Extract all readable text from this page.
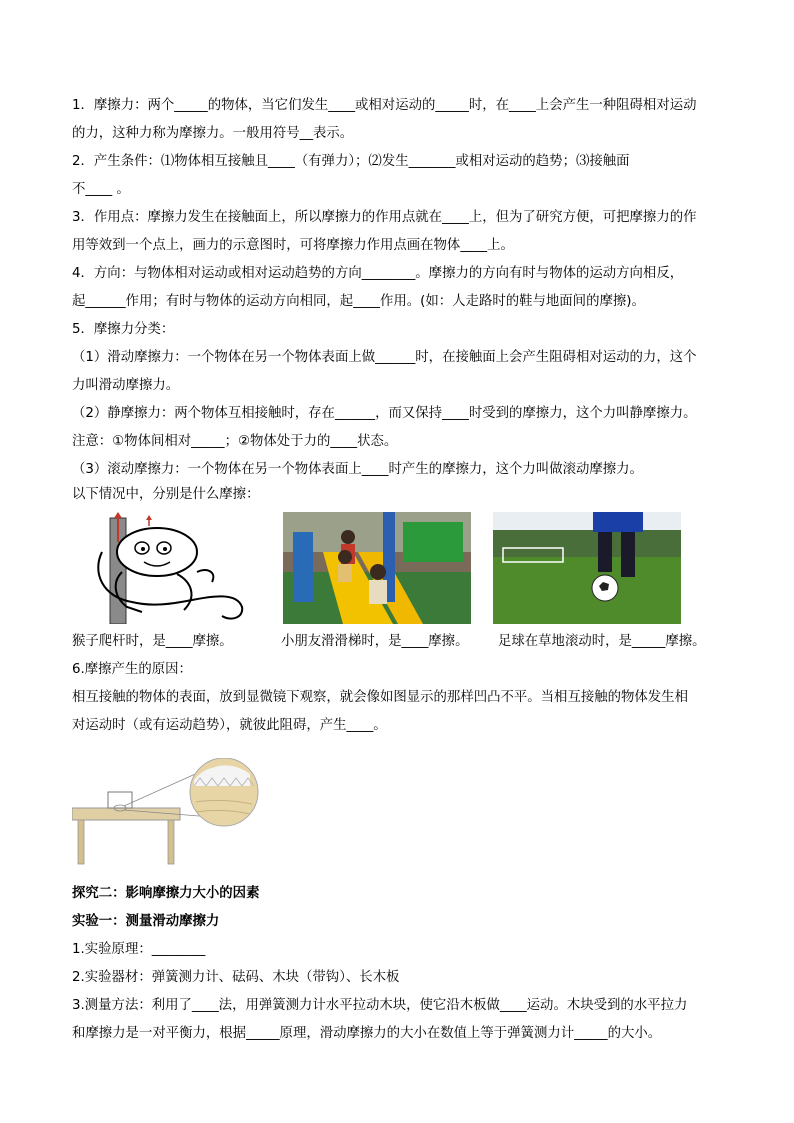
1．摩擦力：两个_____的物体，当它们发生____或相对运动的_____时，在____上会产生一种阻碍相对运动

的力，这种力称为摩擦力。一般用符号__表示。

2．产生条件：⑴物体相互接触且____（有弹力）；⑵发生_______或相对运动的趋势；⑶接触面

不____ 。

3．作用点：摩擦力发生在接触面上，所以摩擦力的作用点就在____上，但为了研究方便，可把摩擦力的作

用等效到一个点上，画力的示意图时，可将摩擦力作用点画在物体____上。

4．方向：与物体相对运动或相对运动趋势的方向________。摩擦力的方向有时与物体的运动方向相反，

起______作用；有时与物体的运动方向相同，起____作用。(如：人走路时的鞋与地面间的摩擦)。

5．摩擦力分类：

（1）滑动摩擦力：一个物体在另一个物体表面上做______时，在接触面上会产生阻碍相对运动的力，这个

力叫滑动摩擦力。

（2）静摩擦力：两个物体互相接触时，存在______，而又保持____时受到的摩擦力，这个力叫静摩擦力。

注意：①物体间相对_____；②物体处于力的____状态。

（3）滚动摩擦力：一个物体在另一个物体表面上____时产生的摩擦力，这个力叫做滚动摩擦力。

以下情况中，分别是什么摩擦：

猴子爬杆时，是____摩擦。	小朋友滑滑梯时，是____摩擦。 足球在草地滚动时，是_____摩擦。

6.摩擦产生的原因：

相互接触的物体的表面，放到显微镜下观察，就会像如图显示的那样凹凸不平。当相互接触的物体发生相

对运动时（或有运动趋势），就彼此阻碍，产生____。

探究二：影响摩擦力大小的因素

实验一：测量滑动摩擦力

1.实验原理：________

2.实验器材：弹簧测力计、砝码、木块（带钩）、长木板

3.测量方法：利用了____法，用弹簧测力计水平拉动木块，使它沿木板做____运动。木块受到的水平拉力

和摩擦力是一对平衡力，根据_____原理，滑动摩擦力的大小在数值上等于弹簧测力计_____的大小。
